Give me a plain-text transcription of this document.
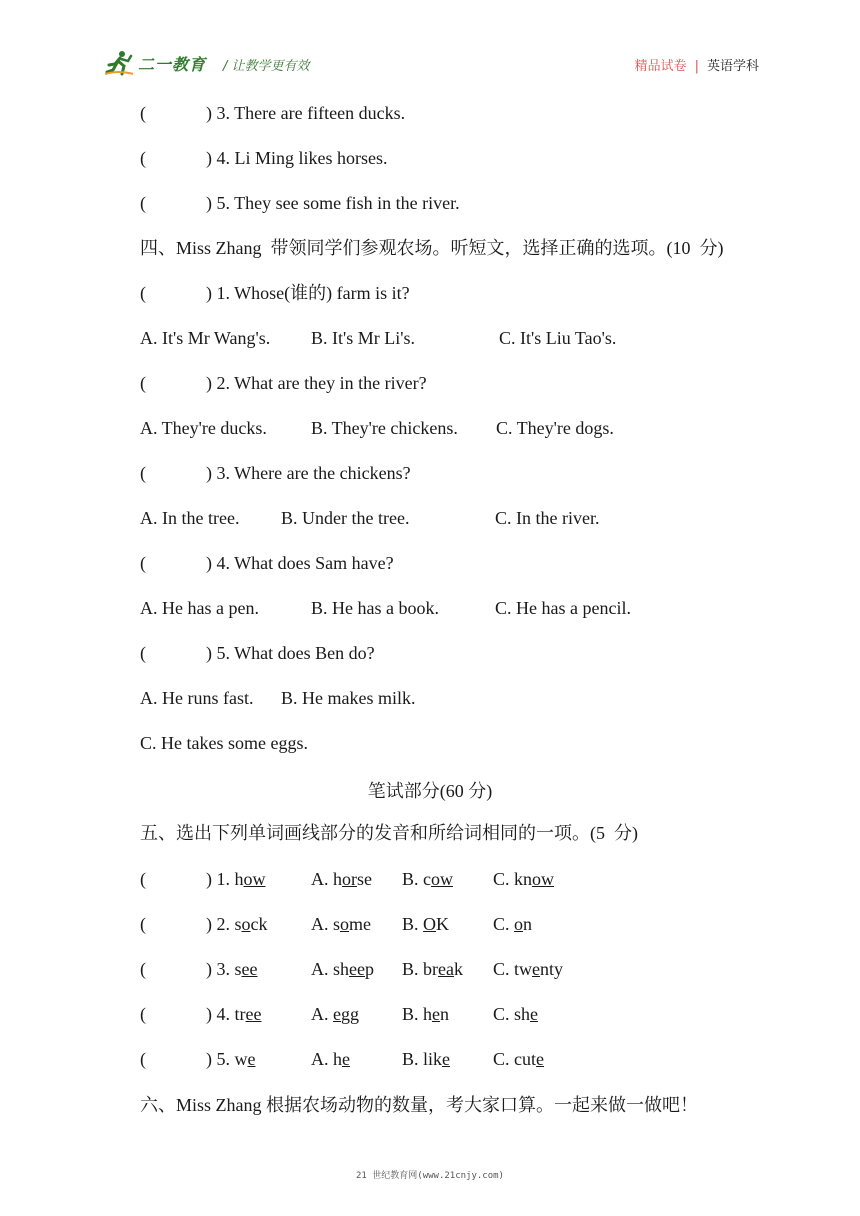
二一教育 / 让教学更有效	精品试卷 | 英语学科
(	) 3. There are fifteen ducks.
(	) 4. Li Ming likes horses.
(	) 5. They see some fish in the river.
四、Miss Zhang  带领同学们参观农场。听短文，选择正确的选项。(10  分)
(	) 1. Whose(谁的) farm is it?
A. It's Mr Wang's. B. It's Mr Li's.	C. It's Liu Tao's.
(	) 2. What are they in the river?
A. They're ducks. B. They're chickens. C. They're dogs.
(	) 3. Where are the chickens?
A. In the tree. B. Under the tree.	C. In the river.
(	) 4. What does Sam have?
A. He has a pen.	B. He has a book.	C. He has a pencil.
(	) 5. What does Ben do?
A. He runs fast. B. He makes milk.
C. He takes some eggs.
笔试部分(60 分)
五、选出下列单词画线部分的发音和所给词相同的一项。(5  分)
(	) 1. how	A. horse B. cow C. know
(	) 2. sock A. some B. OK C. on
(	) 3. see	A. sheep B. break C. twenty
(	) 4. tree	A. egg B. hen C. she
(	) 5. we	A. he	B. like C. cute
六、Miss Zhang 根据农场动物的数量，考大家口算。一起来做一做吧！
21 世纪教育网(www.21cnjy.com)
